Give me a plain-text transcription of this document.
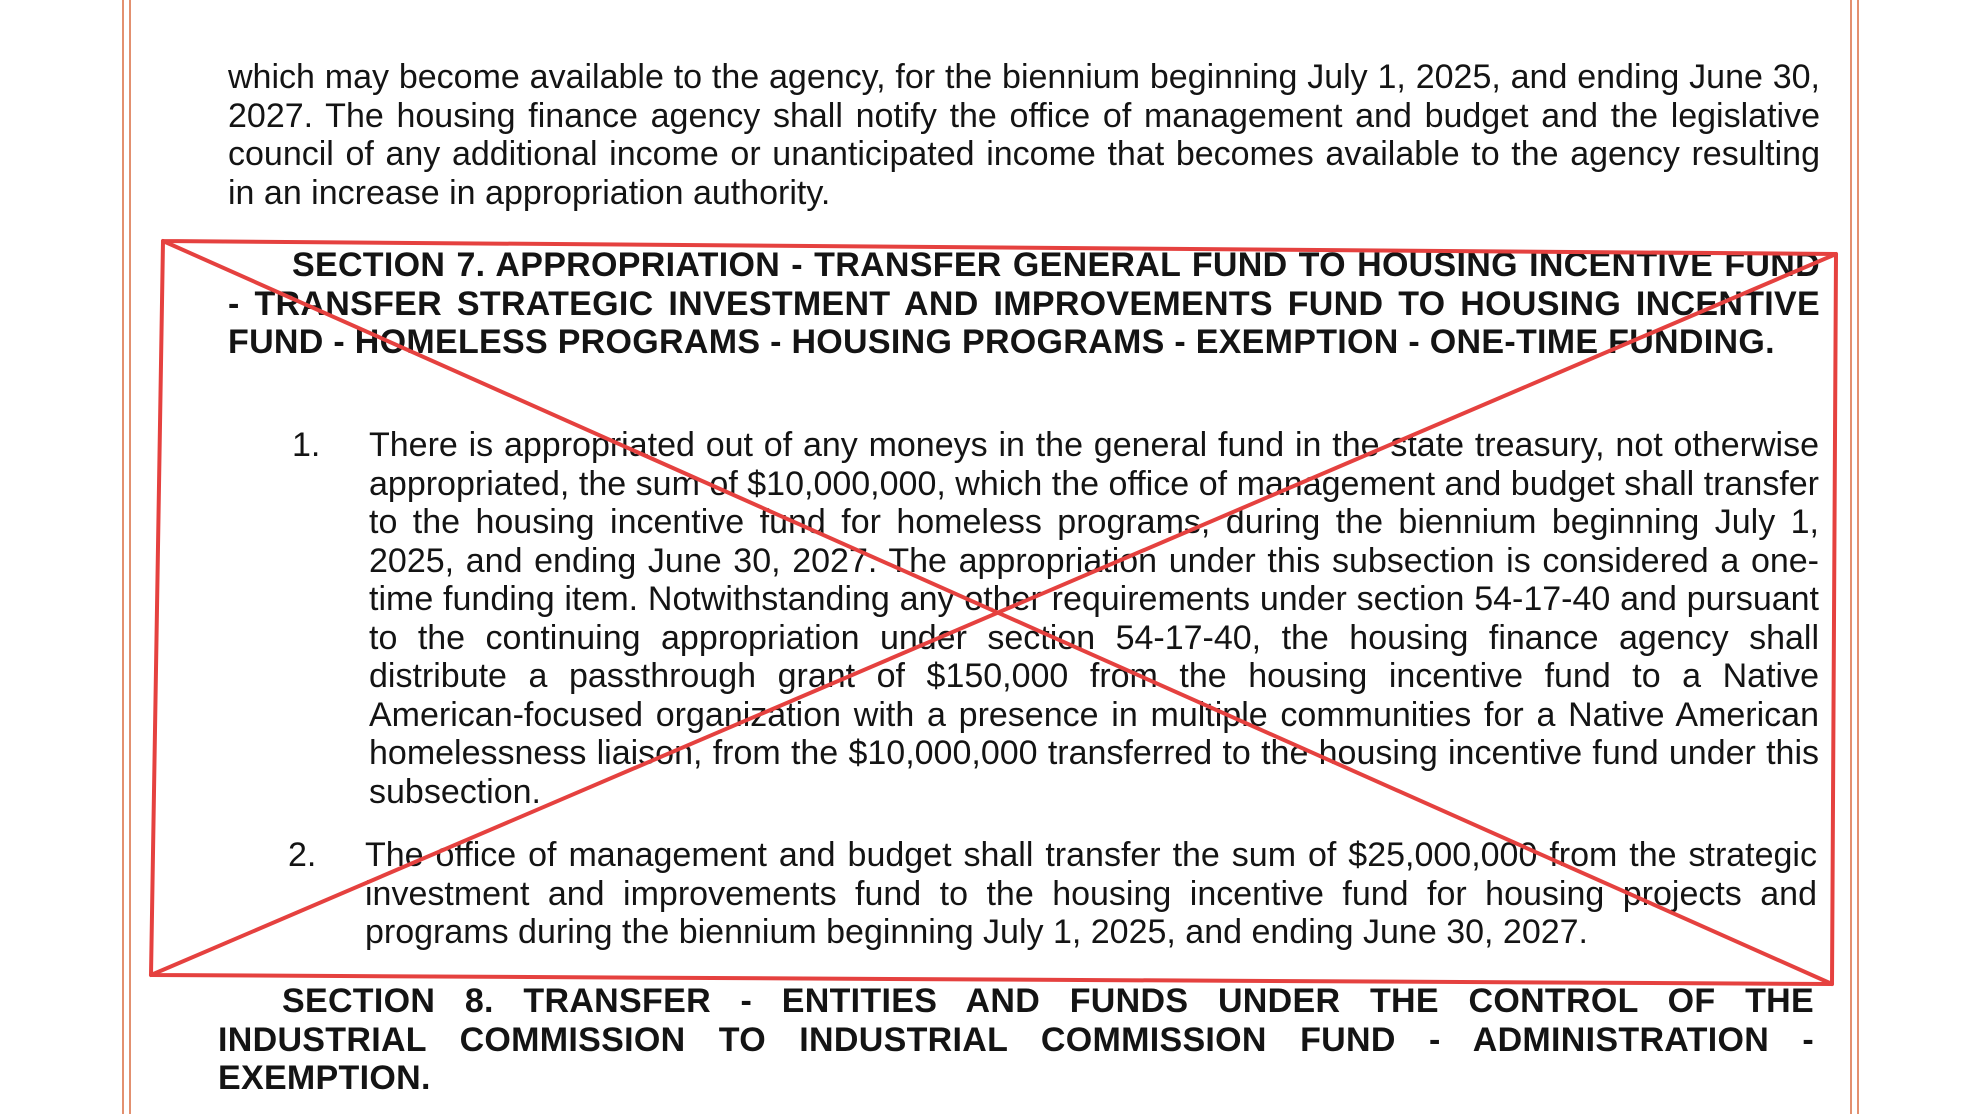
which may become available to the agency, for the biennium beginning July 1, 2025, and ending June 30, 2027. The housing finance agency shall notify the office of management and budget and the legislative council of any additional income or unanticipated income that becomes available to the agency resulting in an increase in appropriation authority.
SECTION 7. APPROPRIATION - TRANSFER GENERAL FUND TO HOUSING INCENTIVE FUND - TRANSFER STRATEGIC INVESTMENT AND IMPROVEMENTS FUND TO HOUSING INCENTIVE FUND - HOMELESS PROGRAMS - HOUSING PROGRAMS - EXEMPTION - ONE-TIME FUNDING.
1. There is appropriated out of any moneys in the general fund in the state treasury, not otherwise appropriated, the sum of $10,000,000, which the office of management and budget shall transfer to the housing incentive fund for homeless programs, during the biennium beginning July 1, 2025, and ending June 30, 2027. The appropriation under this subsection is considered a one-time funding item. Notwithstanding any other requirements under section 54-17-40 and pursuant to the continuing appropriation under section 54-17-40, the housing finance agency shall distribute a passthrough grant of $150,000 from the housing incentive fund to a Native American-focused organization with a presence in multiple communities for a Native American homelessness liaison, from the $10,000,000 transferred to the housing incentive fund under this subsection.
2. The office of management and budget shall transfer the sum of $25,000,000 from the strategic investment and improvements fund to the housing incentive fund for housing projects and programs during the biennium beginning July 1, 2025, and ending June 30, 2027.
SECTION 8. TRANSFER - ENTITIES AND FUNDS UNDER THE CONTROL OF THE INDUSTRIAL COMMISSION TO INDUSTRIAL COMMISSION FUND - ADMINISTRATION - EXEMPTION.
